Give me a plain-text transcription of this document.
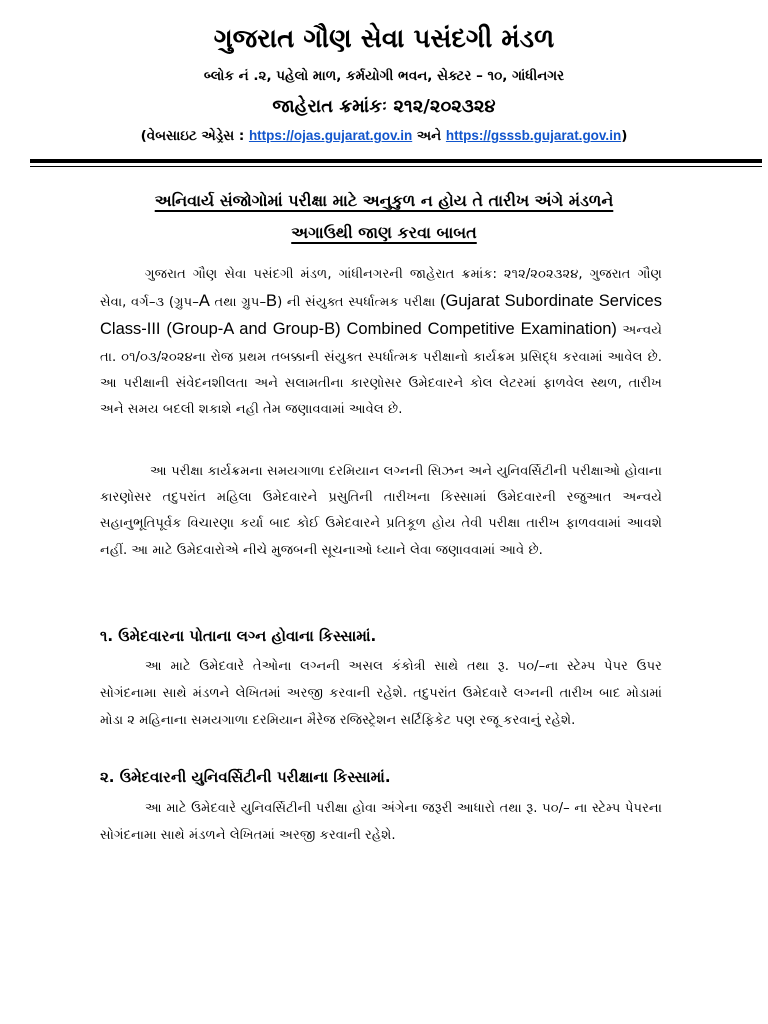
ગુજરાત ગૌણ સેવા પસંદગી મંડળ
બ્લોક નં .૨, પહેલો માળ, કર્મયોગી ભવન, સેક્ટર – ૧૦, ગાંધીનગર
જાહેરાત ક્રમાંકઃ ૨૧૨/૨૦૨૩૨૪
(વેબસાઇટ એડ્રેસ : https://ojas.gujarat.gov.in અને https://gsssb.gujarat.gov.in)
અનિવાર્ય સંજોગોમાં પરીક્ષા માટે અનુકુળ ન હોય તે તારીખ અંગે મંડળને
અગાઉથી જાણ કરવા બાબત
ગુજરાત ગૌણ સેવા પસંદગી મંડળ, ગાંધીનગરની જાહેરાત ક્રમાંક: ૨૧૨/૨૦૨૩૨૪, ગુજરાત ગૌણ સેવા, વર્ગ–૩ (ગ્રુપ–A તથા ગ્રુપ–B) ની સંયુક્ત સ્પર્ધાત્મક પરીક્ષા (Gujarat Subordinate Services Class-III (Group-A and Group-B) Combined Competitive Examination) અન્વયે તા. ૦૧/૦૩/૨૦૨૪ના રોજ પ્રથમ તબક્કાની સંયુક્ત સ્પર્ધાત્મક પરીક્ષાનો કાર્યક્રમ પ્રસિદ્ધ કરવામાં આવેલ છે. આ પરીક્ષાની સંવેદનશીલતા અને સલામતીના કારણોસર ઉમેદવારને કોલ લેટરમાં ફાળવેલ સ્થળ, તારીખ અને સમય બદલી શકાશે નહી તેમ જણાવવામાં આવેલ છે.
આ પરીક્ષા કાર્યક્રમના સમયગાળા દરમિયાન લગ્નની સિઝન અને યુનિવર્સિટીની પરીક્ષાઓ હોવાના કારણોસર તદુપરાંત મહિલા ઉમેદવારને પ્રસુતિની તારીખના કિસ્સામાં ઉમેદવારની રજુઆત અન્વયે સહાનુભૂતિપૂર્વક વિચારણા કર્યા બાદ કોઈ ઉમેદવારને પ્રતિકૂળ હોય તેવી પરીક્ષા તારીખ ફાળવવામાં આવશે નહીં. આ માટે ઉમેદવારોએ નીચે મુજબની સૂચનાઓ ધ્યાને લેવા જણાવવામાં આવે છે.
૧. ઉમેદવારના પોતાના લગ્ન હોવાના કિસ્સામાં.
આ માટે ઉમેદવારે તેઓના લગ્નની અસલ કંકોત્રી સાથે તથા રૂ. ૫૦/–ના સ્ટેમ્પ પેપર ઉપર સોગંદનામા સાથે મંડળને લેખિતમાં અરજી કરવાની રહેશે. તદુપરાંત ઉમેદવારે લગ્નની તારીખ બાદ મોડામાં મોડા ૨ મહિનાના સમયગાળા દરમિયાન મૈરેજ રજિસ્ટ્રેશન સર્ટિફિકેટ પણ રજૂ કરવાનું રહેશે.
૨. ઉમેદવારની યુનિવર્સિટીની પરીક્ષાના કિસ્સામાં.
આ માટે ઉમેદવારે યુનિવર્સિટીની પરીક્ષા હોવા અંગેના જરૂરી આધારો તથા રૂ. ૫૦/– ના સ્ટેમ્પ પેપરના સોગંદનામા સાથે મંડળને લેખિતમાં અરજી કરવાની રહેશે.
